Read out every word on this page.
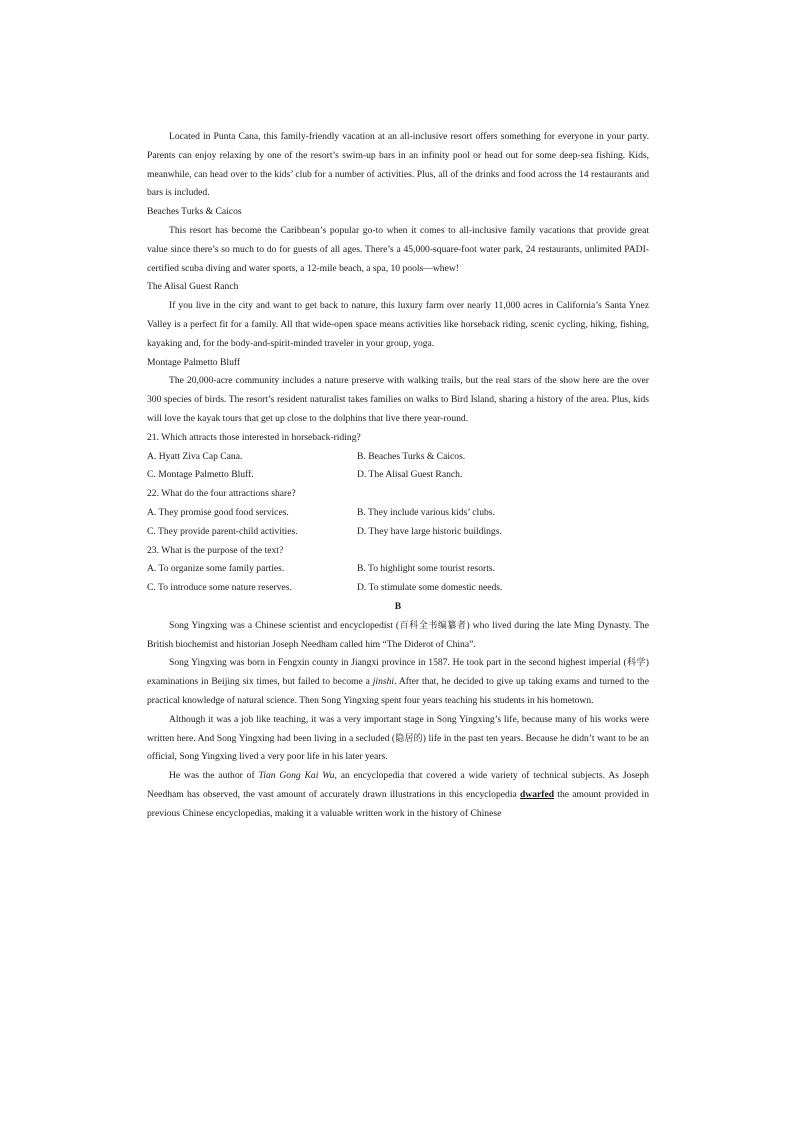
Located in Punta Cana, this family-friendly vacation at an all-inclusive resort offers something for everyone in your party. Parents can enjoy relaxing by one of the resort’s swim-up bars in an infinity pool or head out for some deep-sea fishing. Kids, meanwhile, can head over to the kids’ club for a number of activities. Plus, all of the drinks and food across the 14 restaurants and bars is included.

Beaches Turks & Caicos

This resort has become the Caribbean’s popular go-to when it comes to all-inclusive family vacations that provide great value since there’s so much to do for guests of all ages. There’s a 45,000-square-foot water park, 24 restaurants, unlimited PADI-certified scuba diving and water sports, a 12-mile beach, a spa, 10 pools—whew!

The Alisal Guest Ranch

If you live in the city and want to get back to nature, this luxury farm over nearly 11,000 acres in California’s Santa Ynez Valley is a perfect fit for a family. All that wide-open space means activities like horseback riding, scenic cycling, hiking, fishing, kayaking and, for the body-and-spirit-minded traveler in your group, yoga.

Montage Palmetto Bluff

The 20,000-acre community includes a nature preserve with walking trails, but the real stars of the show here are the over 300 species of birds. The resort’s resident naturalist takes families on walks to Bird Island, sharing a history of the area. Plus, kids will love the kayak tours that get up close to the dolphins that live there year-round.

21. Which attracts those interested in horseback-riding?

A. Hyatt Ziva Cap Cana.	B. Beaches Turks & Caicos.

C. Montage Palmetto Bluff.	D. The Alisal Guest Ranch.

22. What do the four attractions share?

A. They promise good food services.	B. They include various kids’ clubs.

C. They provide parent-child activities.	D. They have large historic buildings.

23. What is the purpose of the text?

A. To organize some family parties.	B. To highlight some tourist resorts.

C. To introduce some nature reserves.	D. To stimulate some domestic needs.

B

Song Yingxing was a Chinese scientist and encyclopedist (百科全书编纂者) who lived during the late Ming Dynasty. The British biochemist and historian Joseph Needham called him “The Diderot of China”.

Song Yingxing was born in Fengxin county in Jiangxi province in 1587. He took part in the second highest imperial (科学) examinations in Beijing six times, but failed to become a jinshi. After that, he decided to give up taking exams and turned to the practical knowledge of natural science. Then Song Yingxing spent four years teaching his students in his hometown.

Although it was a job like teaching, it was a very important stage in Song Yingxing’s life, because many of his works were written here. And Song Yingxing had been living in a secluded (隐居的) life in the past ten years. Because he didn’t want to be an official, Song Yingxing lived a very poor life in his later years.

He was the author of Tian Gong Kai Wu, an encyclopedia that covered a wide variety of technical subjects. As Joseph Needham has observed, the vast amount of accurately drawn illustrations in this encyclopedia dwarfed the amount provided in previous Chinese encyclopedias, making it a valuable written work in the history of Chinese
